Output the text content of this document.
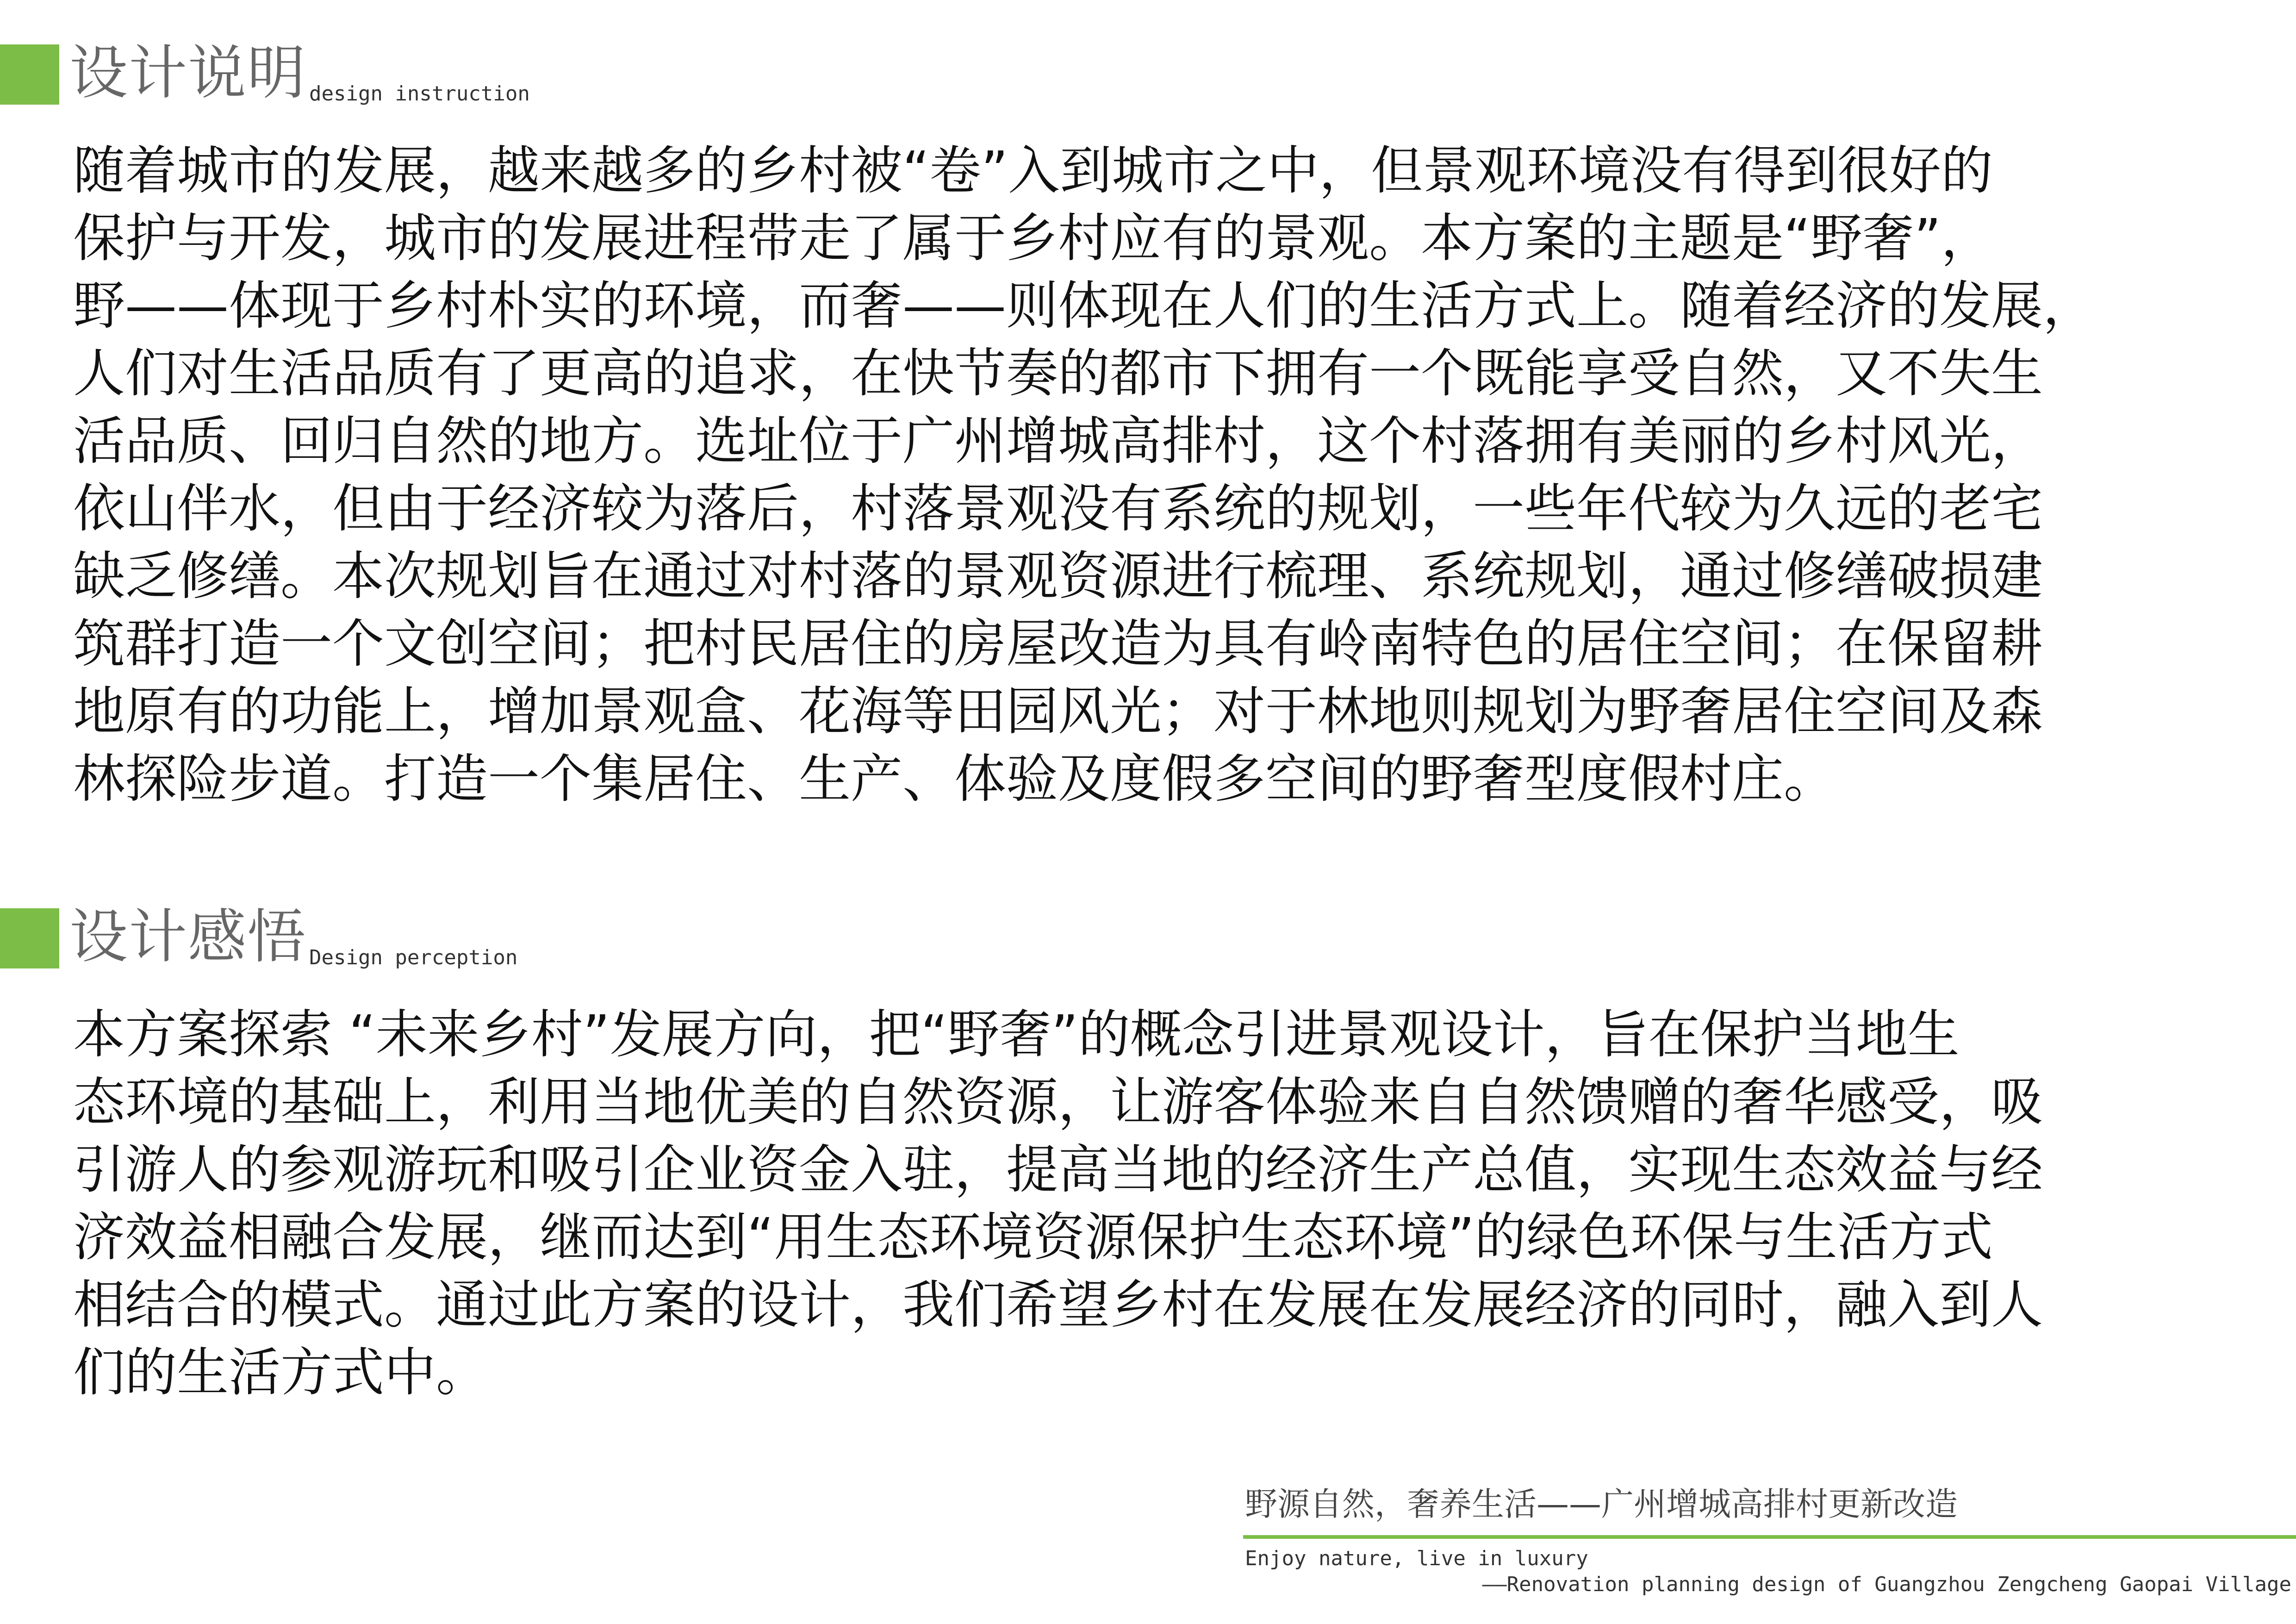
设计说明 design instruction

随着城市的发展，越来越多的乡村被“卷”入到城市之中，但景观环境没有得到很好的
保护与开发，城市的发展进程带走了属于乡村应有的景观。本方案的主题是“野奢”，
野——体现于乡村朴实的环境，而奢——则体现在人们的生活方式上。随着经济的发展，
人们对生活品质有了更高的追求，在快节奏的都市下拥有一个既能享受自然，又不失生
活品质、回归自然的地方。选址位于广州增城高排村，这个村落拥有美丽的乡村风光，
依山伴水，但由于经济较为落后，村落景观没有系统的规划，一些年代较为久远的老宅
缺乏修缮。本次规划旨在通过对村落的景观资源进行梳理、系统规划，通过修缮破损建
筑群打造一个文创空间；把村民居住的房屋改造为具有岭南特色的居住空间；在保留耕
地原有的功能上，增加景观盒、花海等田园风光；对于林地则规划为野奢居住空间及森
林探险步道。打造一个集居住、生产、体验及度假多空间的野奢型度假村庄。

设计感悟 Design perception

本方案探索 “未来乡村”发展方向，把“野奢”的概念引进景观设计，旨在保护当地生
态环境的基础上，利用当地优美的自然资源，让游客体验来自自然馈赠的奢华感受，吸
引游人的参观游玩和吸引企业资金入驻，提高当地的经济生产总值，实现生态效益与经
济效益相融合发展，继而达到“用生态环境资源保护生态环境”的绿色环保与生活方式
相结合的模式。通过此方案的设计，我们希望乡村在发展在发展经济的同时，融入到人
们的生活方式中。

野源自然，奢养生活——广州增城高排村更新改造
Enjoy nature, live in luxury
——Renovation planning design of Guangzhou Zengcheng Gaopai Village
